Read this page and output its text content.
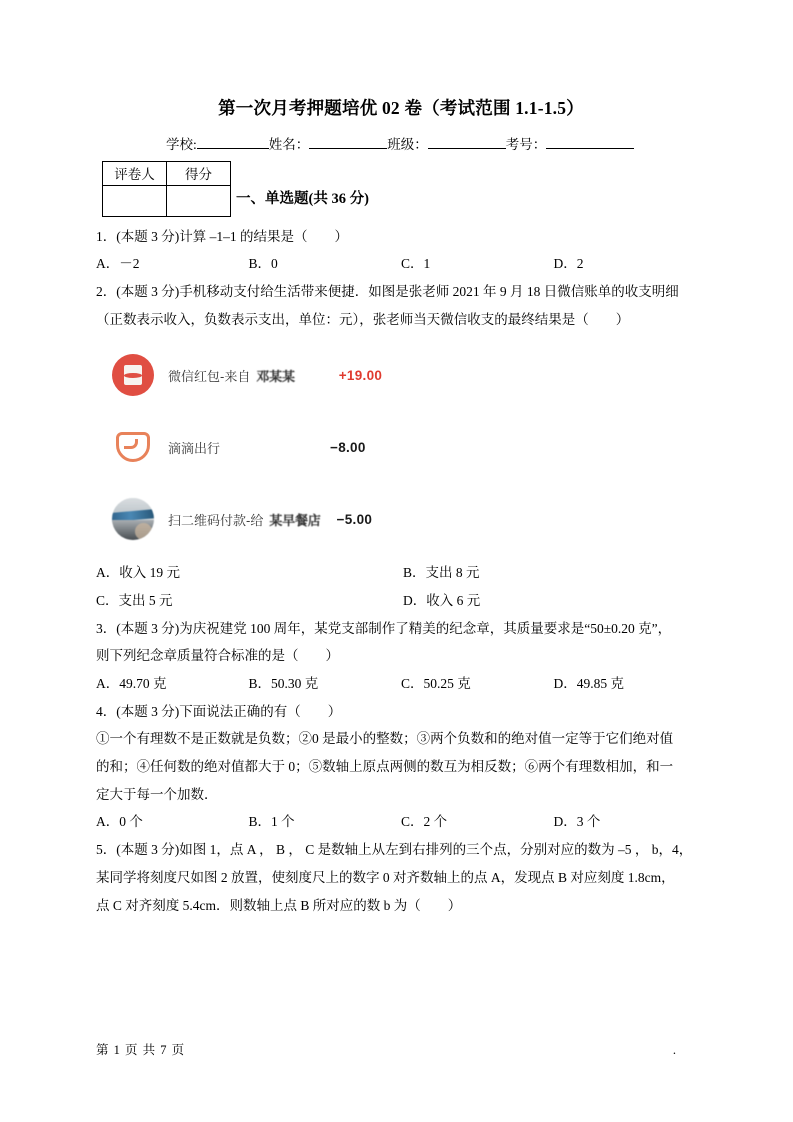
第一次月考押题培优 02 卷（考试范围 1.1-1.5）
学校:	姓名：	班级：	考号：
评卷人	得分

一、单选题(共 36 分)
1．(本题 3 分)计算 –1–1 的结果是（　　）
A．－2	B．0	C．1	D．2
2．(本题 3 分)手机移动支付给生活带来便捷．如图是张老师 2021 年 9 月 18 日微信账单的收支明细
（正数表示收入，负数表示支出，单位：元），张老师当天微信收支的最终结果是（　　）
微信红包-来自 邓某某	+19.00
滴滴出行	−8.00
扫二维码付款-给 某早餐店 −5.00
A．收入 19 元	B．支出 8 元
C．支出 5 元	D．收入 6 元
3．(本题 3 分)为庆祝建党 100 周年，某党支部制作了精美的纪念章，其质量要求是“50±0.20 克”，
则下列纪念章质量符合标准的是（　　）
A．49.70 克	B．50.30 克	C．50.25 克	D．49.85 克
4．(本题 3 分)下面说法正确的有（　　）
①一个有理数不是正数就是负数；②0 是最小的整数；③两个负数和的绝对值一定等于它们绝对值
的和；④任何数的绝对值都大于 0；⑤数轴上原点两侧的数互为相反数；⑥两个有理数相加，和一
定大于每一个加数．
A．0 个	B．1 个	C．2 个	D．3 个
5．(本题 3 分)如图 1，点 A ， B ， C 是数轴上从左到右排列的三个点，分别对应的数为 –5 ， b，4，
某同学将刻度尺如图 2 放置，使刻度尺上的数字 0 对齐数轴上的点 A，发现点 B 对应刻度 1.8cm，
点 C 对齐刻度 5.4cm．则数轴上点 B 所对应的数 b 为（　　）
第 1 页 共 7 页	.
